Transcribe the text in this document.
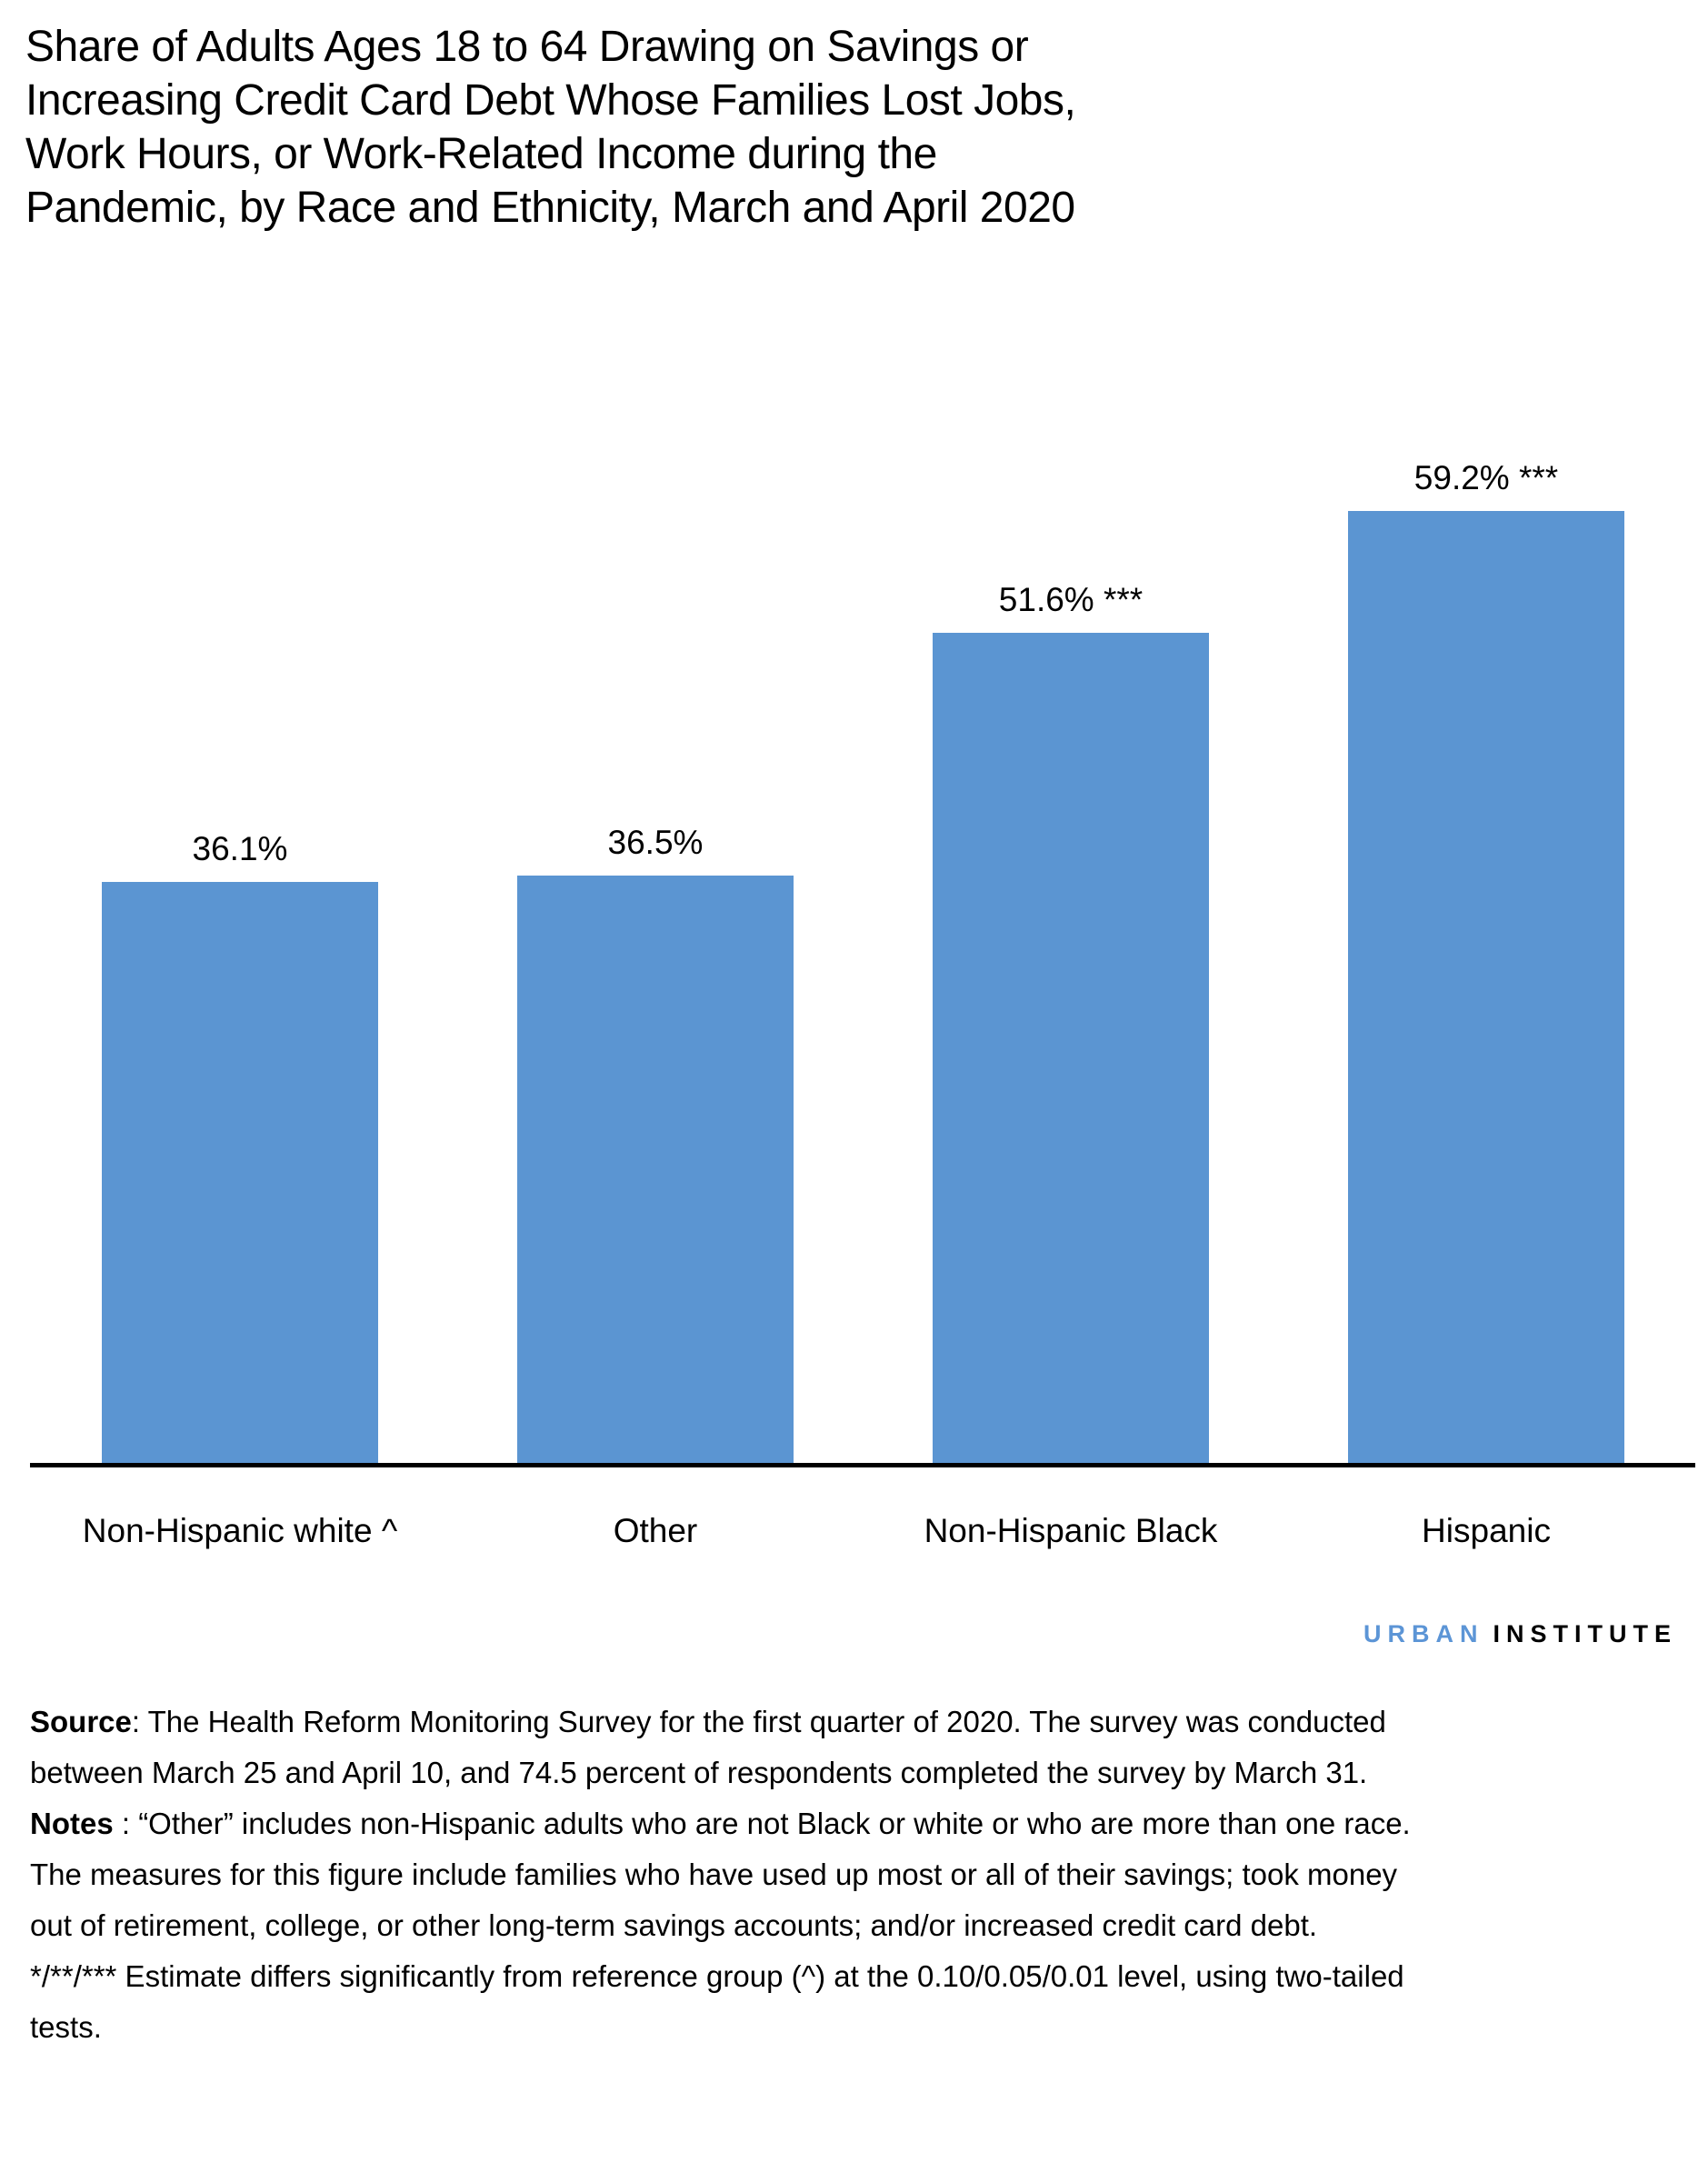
Share of Adults Ages 18 to 64 Drawing on Savings or
Increasing Credit Card Debt Whose Families Lost Jobs,
Work Hours, or Work-Related Income during the
Pandemic, by Race and Ethnicity, March and April 2020
36.1%
Non-Hispanic white ^
36.5%
Other
51.6% ***
Non-Hispanic Black
59.2% ***
Hispanic
URBAN INSTITUTE

Source: The Health Reform Monitoring Survey for the first quarter of 2020. The survey was conducted between March 25 and April 10, and 74.5 percent of respondents completed the survey by March 31.

Notes : “Other” includes non-Hispanic adults who are not Black or white or who are more than one race. The measures for this figure include families who have used up most or all of their savings; took money out of retirement, college, or other long-term savings accounts; and/or increased credit card debt.

*/**/*** Estimate differs significantly from reference group (^) at the 0.10/0.05/0.01 level, using two-tailed tests.
